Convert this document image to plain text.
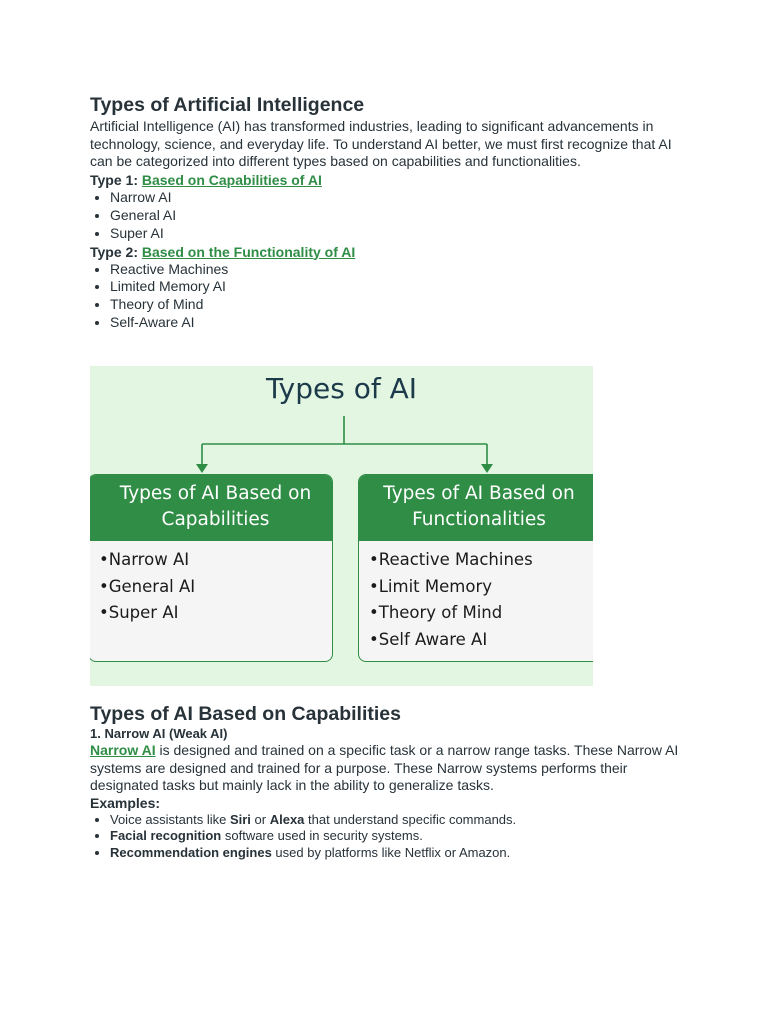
Types of Artificial Intelligence

Artificial Intelligence (AI) has transformed industries, leading to significant advancements in technology, science, and everyday life. To understand AI better, we must first recognize that AI can be categorized into different types based on capabilities and functionalities.

Type 1: Based on Capabilities of AI
• Narrow AI
• General AI
• Super AI
Type 2: Based on the Functionality of AI
• Reactive Machines
• Limited Memory AI
• Theory of Mind
• Self-Aware AI
Types of AI
Types of AI Based on
Capabilities
• Narrow AI
• General AI
• Super AI
Types of AI Based on
Functionalities
• Reactive Machines
• Limit Memory
• Theory of Mind
• Self Aware AI
Types of AI Based on Capabilities
1. Narrow AI (Weak AI)

Narrow AI is designed and trained on a specific task or a narrow range tasks. These Narrow AI systems are designed and trained for a purpose. These Narrow systems performs their designated tasks but mainly lack in the ability to generalize tasks.

Examples:
• Voice assistants like Siri or Alexa that understand specific commands.
• Facial recognition software used in security systems.
• Recommendation engines used by platforms like Netflix or Amazon.
